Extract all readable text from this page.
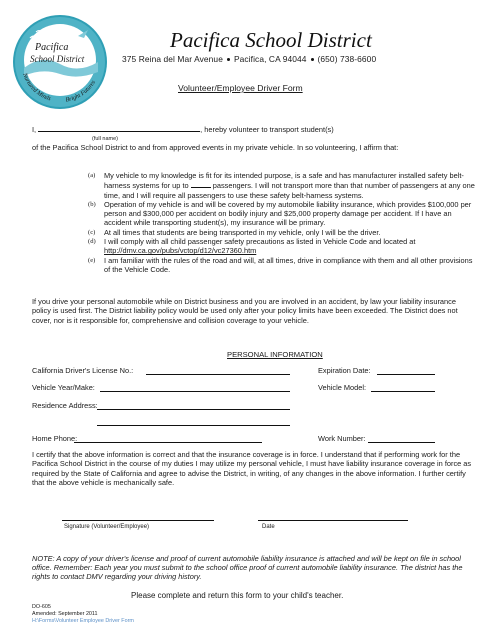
Pacifica
School District
Nurtured Minds Bright Futures
Pacifica School District
375 Reina del Mar Avenue Pacifica, CA 94044 (650) 738-6600
Volunteer/Employee Driver Form
I,	, hereby volunteer to transport student(s)
(full name)
of the Pacifica School District to and from approved events in my private vehicle. In so volunteering, I affirm that:
(a) My vehicle to my knowledge is fit for its intended purpose, is a safe and has manufacturer installed safety belt-harness systems for up to	passengers. I will not transport more than that number of passengers at any one time, and I will require all passengers to use these safety belt-harness systems.
(b) Operation of my vehicle is and will be covered by my automobile liability insurance, which provides $100,000 per person and $300,000 per accident on bodily injury and $25,000 property damage per accident. If I have an accident while transporting student(s), my insurance will be primary.
(c) At all times that students are being transported in my vehicle, only I will be the driver.
(d) I will comply with all child passenger safety precautions as listed in Vehicle Code and located at http://dmv.ca.gov/pubs/vctop/d12/vc27360.htm
(e) I am familiar with the rules of the road and will, at all times, drive in compliance with them and all other provisions of the Vehicle Code.
If you drive your personal automobile while on District business and you are involved in an accident, by law your liability insurance policy is used first. The District liability policy would be used only after your policy limits have been exceeded. The District does not cover, nor is it responsible for, comprehensive and collision coverage to your vehicle.
PERSONAL INFORMATION
California Driver's License No.:	Expiration Date:
Vehicle Year/Make:	Vehicle Model:
Residence Address:
Home Phone:	Work Number:
I certify that the above information is correct and that the insurance coverage is in force. I understand that if performing work for the Pacifica School District in the course of my duties I may utilize my personal vehicle, I must have liability insurance coverage in force as required by the State of California and agree to advise the District, in writing, of any changes in the above information. I further certify that the above vehicle is mechanically safe.
Signature (Volunteer/Employee)	Date
NOTE: A copy of your driver's license and proof of current automobile liability insurance is attached and will be kept on file in school office. Remember: Each year you must submit to the school office proof of current automobile liability insurance. The district has the rights to contact DMV regarding your driving history.
Please complete and return this form to your child's teacher.
DO-605
Amended: September 2011
H:\Forms\Volunteer Employee Driver Form
